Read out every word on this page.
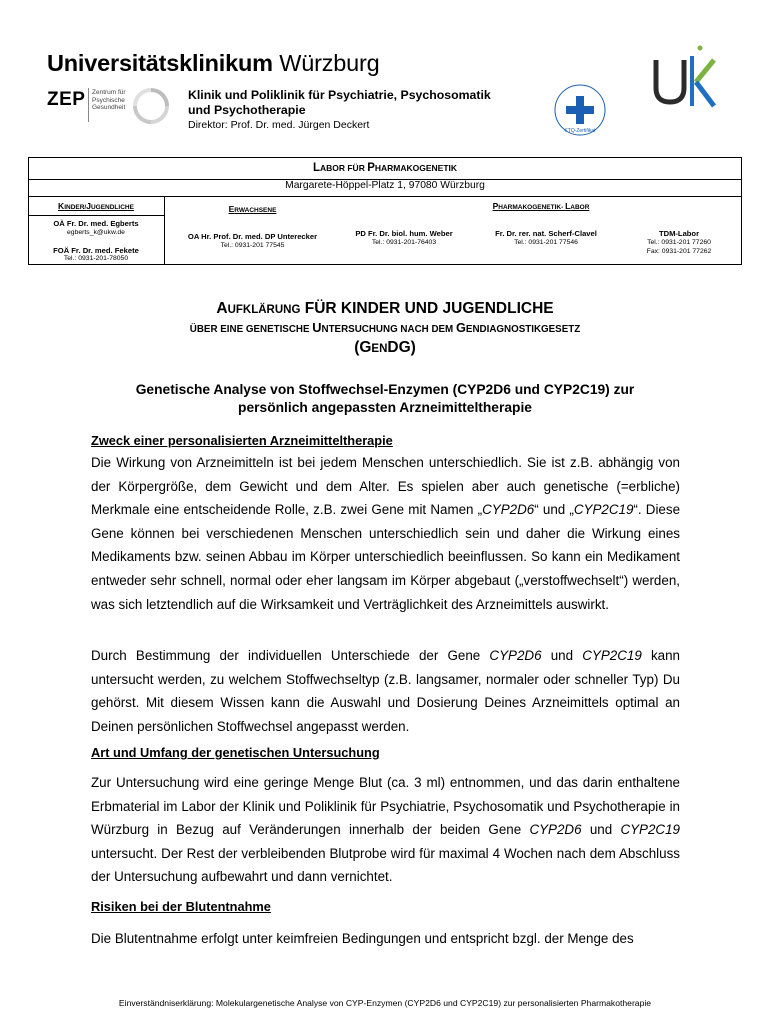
Universitätsklinikum Würzburg
ZEP Zentrum für
Psychische
Gesundheit
Klinik und Poliklinik für Psychiatrie, Psychosomatik
und Psychotherapie
Direktor: Prof. Dr. med. Jürgen Deckert	KTQ-Zertifikat
LABOR FÜR PHARMAKOGENETIK
Margarete-Höppel-Platz 1, 97080 Würzburg
KINDER/JUGENDLICHE
OÄ Fr. Dr. med. Egberts
egberts_k@ukw.de
FOÄ Fr. Dr. med. Fekete
Tel.: 0931-201-78050
ERWACHSENE
OA Hr. Prof. Dr. med. DP Unterecker
Tel.: 0931-201 77545
PHARMAKOGENETIK- LABOR
PD Fr. Dr. biol. hum. Weber
Tel.: 0931-201-76403
Fr. Dr. rer. nat. Scherf-Clavel
Tel.: 0931-201 77546
TDM-Labor
Tel.: 0931-201 77260
Fax: 0931-201 77262
AUFKLÄRUNG FÜR KINDER UND JUGENDLICHE
ÜBER EINE GENETISCHE UNTERSUCHUNG NACH DEM GENDIAGNOSTIKGESETZ
(GENDG)
Genetische Analyse von Stoffwechsel-Enzymen (CYP2D6 und CYP2C19) zur
persönlich angepassten Arzneimitteltherapie
Zweck einer personalisierten Arzneimitteltherapie
Die Wirkung von Arzneimitteln ist bei jedem Menschen unterschiedlich. Sie ist z.B. abhängig von der Körpergröße, dem Gewicht und dem Alter. Es spielen aber auch genetische (=erbliche) Merkmale eine entscheidende Rolle, z.B. zwei Gene mit Namen „CYP2D6“ und „CYP2C19“. Diese Gene können bei verschiedenen Menschen unterschiedlich sein und daher die Wirkung eines Medikaments bzw. seinen Abbau im Körper unterschiedlich beeinflussen. So kann ein Medikament entweder sehr schnell, normal oder eher langsam im Körper abgebaut („verstoffwechselt“) werden, was sich letztendlich auf die Wirksamkeit und Verträglichkeit des Arzneimittels auswirkt.
Durch Bestimmung der individuellen Unterschiede der Gene CYP2D6 und CYP2C19 kann untersucht werden, zu welchem Stoffwechseltyp (z.B. langsamer, normaler oder schneller Typ) Du gehörst. Mit diesem Wissen kann die Auswahl und Dosierung Deines Arzneimittels optimal an Deinen persönlichen Stoffwechsel angepasst werden.
Art und Umfang der genetischen Untersuchung
Zur Untersuchung wird eine geringe Menge Blut (ca. 3 ml) entnommen, und das darin enthaltene Erbmaterial im Labor der Klinik und Poliklinik für Psychiatrie, Psychosomatik und Psychotherapie in Würzburg in Bezug auf Veränderungen innerhalb der beiden Gene CYP2D6 und CYP2C19 untersucht. Der Rest der verbleibenden Blutprobe wird für maximal 4 Wochen nach dem Abschluss der Untersuchung aufbewahrt und dann vernichtet.
Risiken bei der Blutentnahme
Die Blutentnahme erfolgt unter keimfreien Bedingungen und entspricht bzgl. der Menge des
Einverständniserklärung: Molekulargenetische Analyse von CYP-Enzymen (CYP2D6 und CYP2C19) zur personalisierten Pharmakotherapie
